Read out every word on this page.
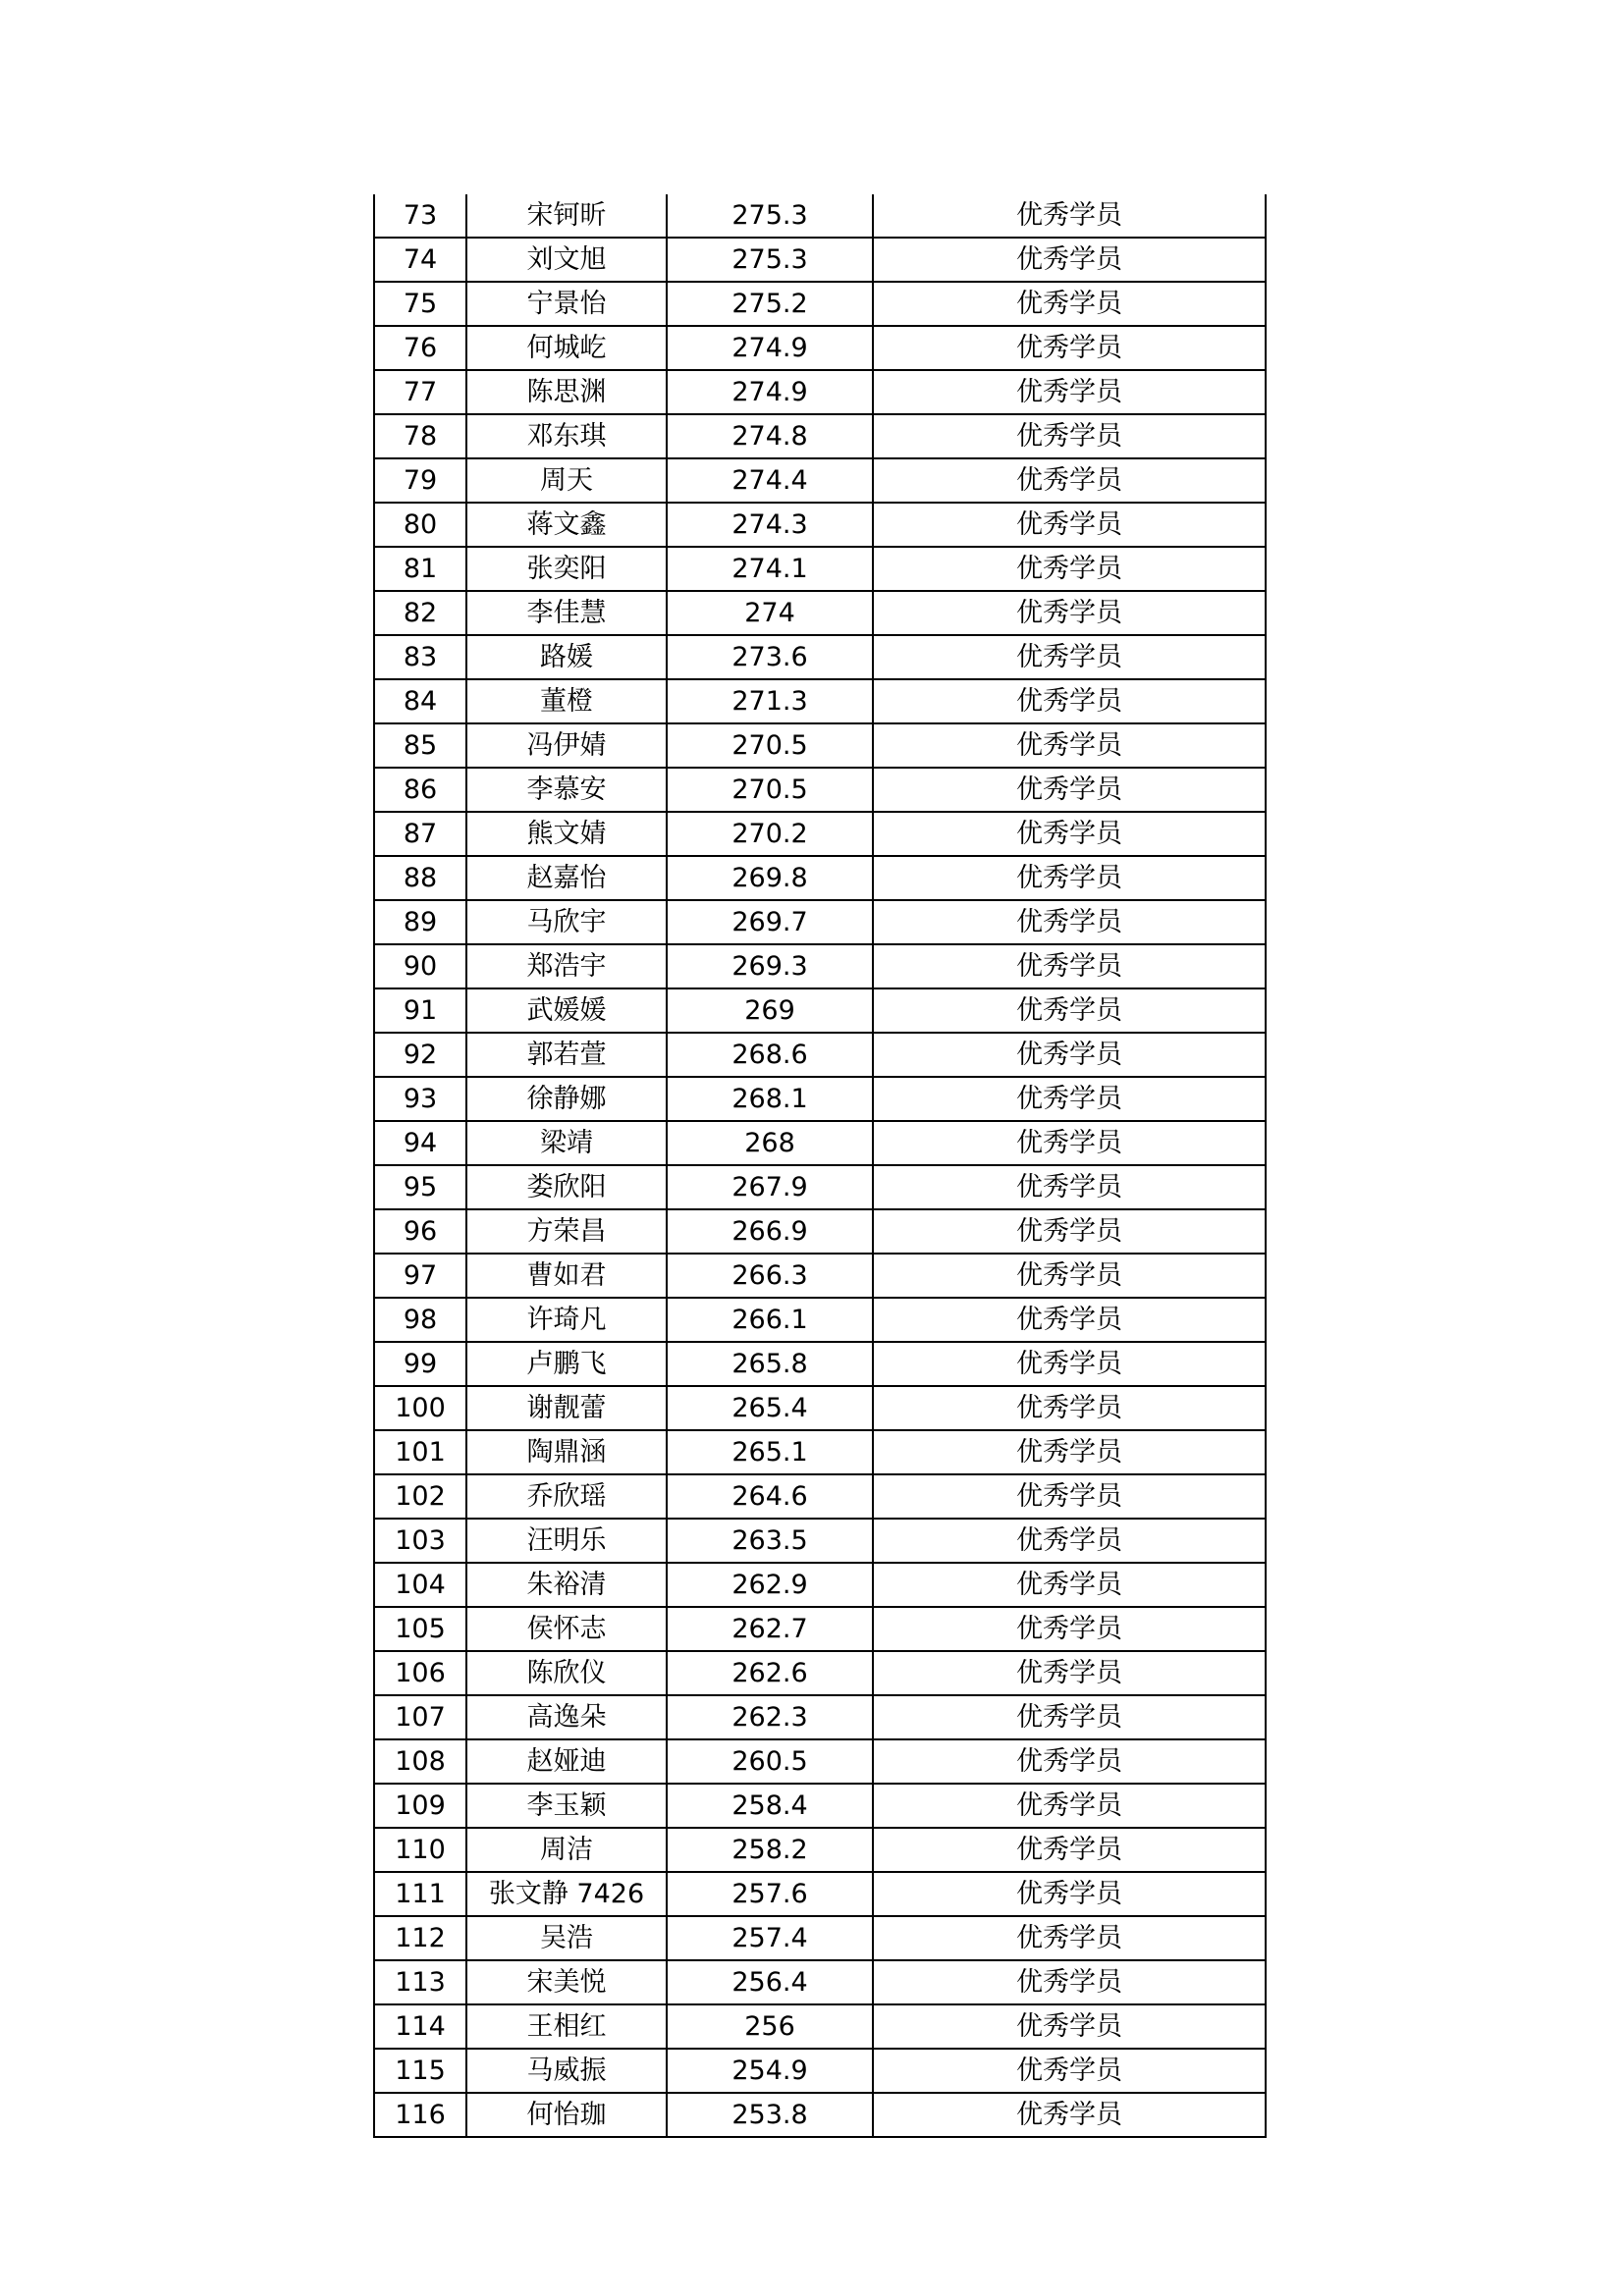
73	宋钶昕	275.3	优秀学员
74	刘文旭	275.3	优秀学员
75	宁景怡	275.2	优秀学员
76	何城屹	274.9	优秀学员
77	陈思渊	274.9	优秀学员
78	邓东琪	274.8	优秀学员
79	周天	274.4	优秀学员
80	蒋文鑫	274.3	优秀学员
81	张奕阳	274.1	优秀学员
82	李佳慧	274	优秀学员
83	路媛	273.6	优秀学员
84	董橙	271.3	优秀学员
85	冯伊婧	270.5	优秀学员
86	李慕安	270.5	优秀学员
87	熊文婧	270.2	优秀学员
88	赵嘉怡	269.8	优秀学员
89	马欣宇	269.7	优秀学员
90	郑浩宇	269.3	优秀学员
91	武媛媛	269	优秀学员
92	郭若萱	268.6	优秀学员
93	徐静娜	268.1	优秀学员
94	梁靖	268	优秀学员
95	娄欣阳	267.9	优秀学员
96	方荣昌	266.9	优秀学员
97	曹如君	266.3	优秀学员
98	许琦凡	266.1	优秀学员
99	卢鹏飞	265.8	优秀学员
100	谢靓蕾	265.4	优秀学员
101	陶鼎涵	265.1	优秀学员
102	乔欣瑶	264.6	优秀学员
103	汪明乐	263.5	优秀学员
104	朱裕清	262.9	优秀学员
105	侯怀志	262.7	优秀学员
106	陈欣仪	262.6	优秀学员
107	高逸朵	262.3	优秀学员
108	赵娅迪	260.5	优秀学员
109	李玉颖	258.4	优秀学员
110	周洁	258.2	优秀学员
111	张文静 7426	257.6	优秀学员
112	吴浩	257.4	优秀学员
113	宋美悦	256.4	优秀学员
114	王相红	256	优秀学员
115	马威振	254.9	优秀学员
116	何怡珈	253.8	优秀学员
